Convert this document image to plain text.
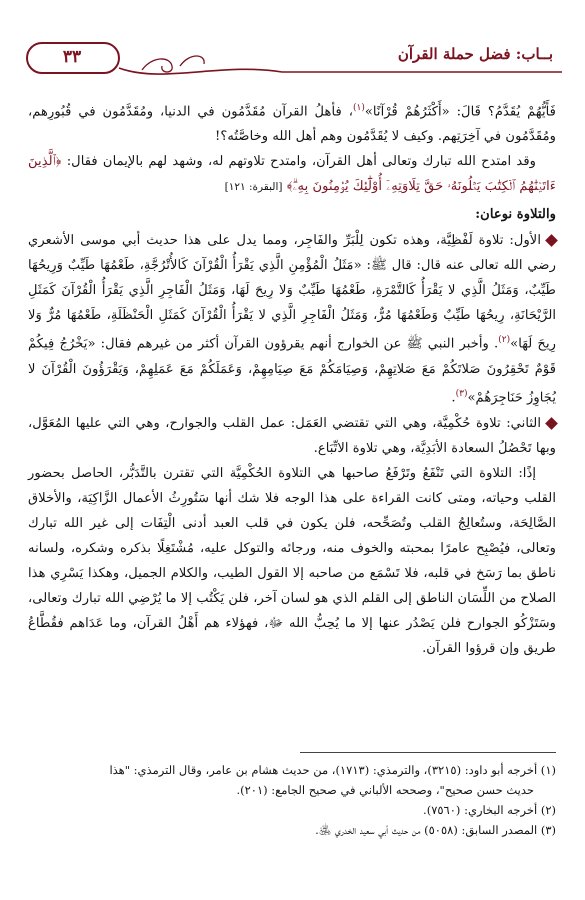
٣٣	بــاب: فضل حملة القرآن

فَأَيُّهُمْ يُقَدَّمُ؟ قَالَ: «أَكْثَرُهُمْ قُرْآنًا»$^{(١)}$، فأهلُ القرآن مُقَدَّمُون في الدنيا، ومُقَدَّمُون في قُبُورِهم، ومُقَدَّمُون في آخِرَتِهم. وكيف لا يُقَدَّمُون وهم أهل الله وخاصَّتُه؟!

وقد امتدح الله تبارك وتعالى أهل القرآن، وامتدح تلاوتهم له، وشهد لهم بالإيمان فقال: ﴿ٱلَّذِينَ ءَاتَيۡنَٰهُمُ ٱلۡكِتَٰبَ يَتۡلُونَهُۥ حَقَّ تِلَاوَتِهِۦٓ أُوْلَٰٓئِكَ يُؤۡمِنُونَ بِهِۦۗ﴾ [البقرة: ١٢١]

والتلاوة نوعان:

الأول: تلاوة لَفْظِيَّة، وهذه تكون لِلْبَرِّ والفَاجِر، ومما يدل على هذا حديث أبي موسى الأشعري رضي الله تعالى عنه قال: قال ﷺ: «مَثَلُ الْمُؤْمِنِ الَّذِي يَقْرَأُ الْقُرْآنَ كَالأُتْرُجَّةِ، طَعْمُهَا طَيِّبٌ وَرِيحُهَا طَيِّبٌ، وَمَثَلُ الَّذِي لا يَقْرَأُ كَالتَّمْرَةِ، طَعْمُهَا طَيِّبٌ وَلا رِيحَ لَهَا، وَمَثَلُ الْفَاجِرِ الَّذِي يَقْرَأُ الْقُرْآنَ كَمَثَلِ الرَّيْحَانَةِ، رِيحُهَا طَيِّبٌ وَطَعْمُهَا مُرٌّ، وَمَثَلُ الْفَاجِرِ الَّذِي لا يَقْرَأُ الْقُرْآنَ كَمَثَلِ الْحَنْظَلَةِ، طَعْمُهَا مُرٌّ وَلا رِيحَ لَهَا»$^{(٢)}$. وأخبر النبي ﷺ عن الخوارج أنهم يقرؤون القرآن أكثر من غيرهم فقال: «يَخْرُجُ فِيكُمْ قَوْمٌ تَحْقِرُونَ صَلاتَكُمْ مَعَ صَلاتِهِمْ، وَصِيَامَكُمْ مَعَ صِيَامِهِمْ، وَعَمَلَكُمْ مَعَ عَمَلِهِمْ، وَيَقْرَؤُونَ الْقُرْآنَ لا يُجَاوِزُ حَنَاجِرَهُمْ»$^{(٣)}$.

الثاني: تلاوة حُكْمِيَّة، وهي التي تقتضي العَمَل: عمل القلب والجوارح، وهي التي عليها المُعَوَّل، وبها تَحْصُلُ السعادة الأبَدِيَّة، وهي تلاوة الاتِّبَاع.

إذًا: التلاوة التي تَنْفَعُ وتَرْفَعُ صاحبها هي التلاوة الحُكْمِيَّة التي تقترن بالتَّدَبُّر، الحاصل بحضور القلب وحياته، ومتى كانت القراءة على هذا الوجه فلا شك أنها سَتُورِثُ الأعمال الزَّاكِيَة، والأخلاق الصَّالِحَة، وستُعالِجُ القلب وتُصَحِّحه، فلن يكون في قلب العبد أدنى الْتِفَات إلى غير الله تبارك وتعالى، فيُصْبِح عامرًا بمحبته والخوف منه، ورجائه والتوكل عليه، مُشْتَغِلًا بذكره وشكره، ولسانه ناطق بما رَسَخ في قلبه، فلا تَسْمَع من صاحبه إلا القول الطيب، والكلام الجميل، وهكذا يَسْرِي هذا الصلاح من اللِّسَان الناطق إلى القلم الذي هو لسان آخر، فلن يَكْتُب إلا ما يُرْضِي الله تبارك وتعالى، وسَتَزْكُو الجوارح فلن يَصْدُر عنها إلا ما يُحِبُّ الله ﷻ، فهؤلاء هم أَهْلُ القرآن، وما عَدَاهم فقُطَّاعُ طريق وإن قرؤوا القرآن.

(١) أخرجه أبو داود: (٣٢١٥)، والترمذي: (١٧١٣)، من حديث هشام بن عامر، وقال الترمذي: "هذا

حديث حسن صحيح"، وصححه الألباني في صحيح الجامع: (٢٠١).

(٢) أخرجه البخاري: (٧٥٦٠).

(٣) المصدر السابق: (٥٠٥٨) من حديث أبي سعيد الخدري ﵁.
